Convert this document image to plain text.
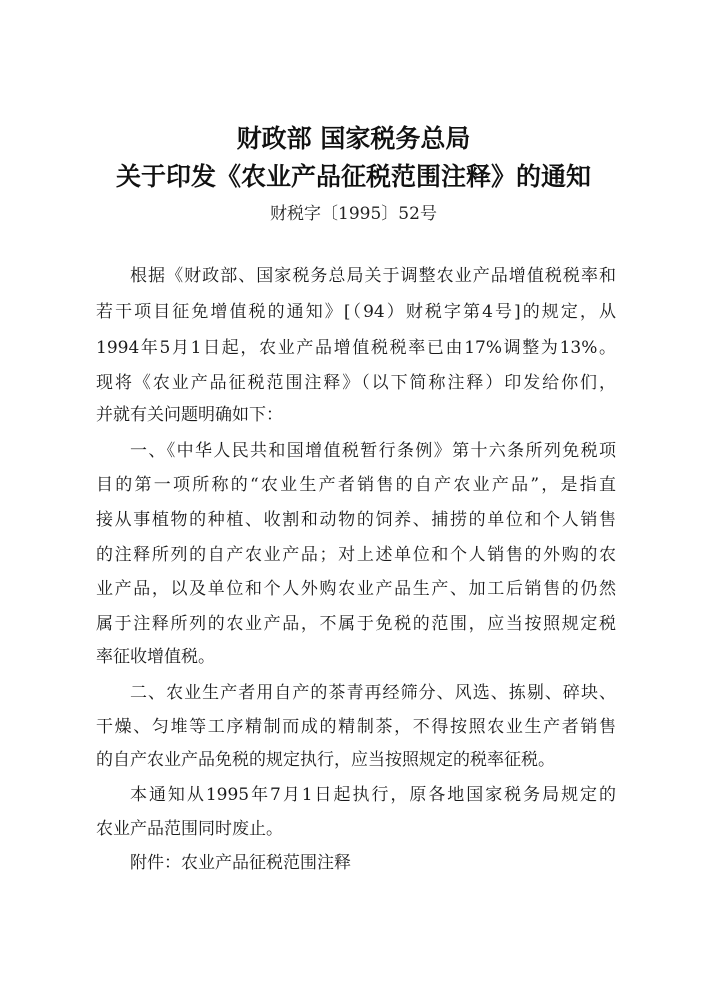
财政部 国家税务总局
关于印发《农业产品征税范围注释》的通知
财税字〔1995〕52号
根据《财政部、国家税务总局关于调整农业产品增值税税率和
若干项目征免增值税的通知》[（94）财税字第4号]的规定，从
1994年5月1日起，农业产品增值税税率已由17%调整为13%。
现将《农业产品征税范围注释》（以下简称注释）印发给你们，
并就有关问题明确如下：
一、《中华人民共和国增值税暂行条例》第十六条所列免税项
目的第一项所称的“农业生产者销售的自产农业产品”，是指直
接从事植物的种植、收割和动物的饲养、捕捞的单位和个人销售
的注释所列的自产农业产品；对上述单位和个人销售的外购的农
业产品，以及单位和个人外购农业产品生产、加工后销售的仍然
属于注释所列的农业产品，不属于免税的范围，应当按照规定税
率征收增值税。
二、农业生产者用自产的茶青再经筛分、风选、拣剔、碎块、
干燥、匀堆等工序精制而成的精制茶，不得按照农业生产者销售
的自产农业产品免税的规定执行，应当按照规定的税率征税。
本通知从1995年7月1日起执行，原各地国家税务局规定的
农业产品范围同时废止。
附件：农业产品征税范围注释
